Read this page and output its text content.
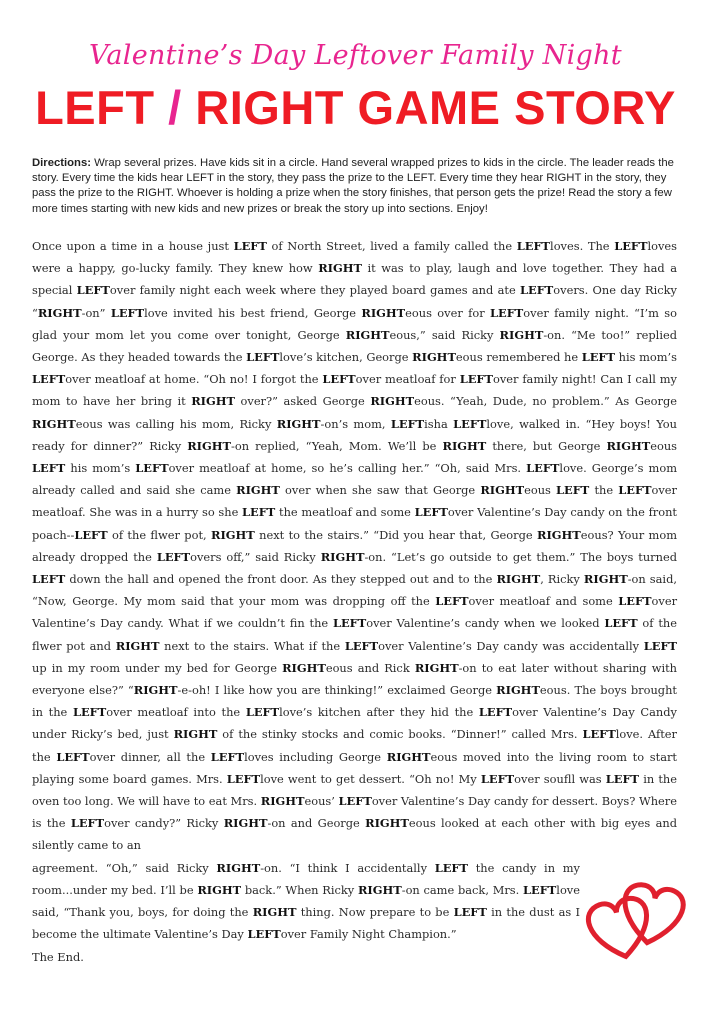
Valentine’s Day Leftover Family Night
LEFT / RIGHT GAME STORY
Directions: Wrap several prizes. Have kids sit in a circle. Hand several wrapped prizes to kids in the circle. The leader reads the story. Every time the kids hear LEFT in the story, they pass the prize to the LEFT. Every time they hear RIGHT in the story, they pass the prize to the RIGHT. Whoever is holding a prize when the story finishes, that person gets the prize! Read the story a few more times starting with new kids and new prizes or break the story up into sections. Enjoy!
Once upon a time in a house just LEFT of North Street, lived a family called the LEFTloves. The LEFTloves were a happy, go-lucky family. They knew how RIGHT it was to play, laugh and love together. They had a special LEFTover family night each week where they played board games and ate LEFTovers. One day Ricky “RIGHT-on” LEFTlove invited his best friend, George RIGHTeous over for LEFTover family night. “I’m so glad your mom let you come over tonight, George RIGHTeous,” said Ricky RIGHT-on. “Me too!” replied George. As they headed towards the LEFTlove’s kitchen, George RIGHTeous remembered he LEFT his mom’s LEFTover meatloaf at home. “Oh no! I forgot the LEFTover meatloaf for LEFTover family night! Can I call my mom to have her bring it RIGHT over?” asked George RIGHTeous. “Yeah, Dude, no problem.” As George RIGHTeous was calling his mom, Ricky RIGHT-on’s mom, LEFTisha LEFTlove, walked in. “Hey boys! You ready for dinner?” Ricky RIGHT-on replied, “Yeah, Mom. We’ll be RIGHT there, but George RIGHTeous LEFT his mom’s LEFTover meatloaf at home, so he’s calling her.” “Oh, said Mrs. LEFTlove. George’s mom already called and said she came RIGHT over when she saw that George RIGHTeous LEFT the LEFTover meatloaf. She was in a hurry so she LEFT the meatloaf and some LEFTover Valentine’s Day candy on the front poach--LEFT of the flwer pot, RIGHT next to the stairs.” “Did you hear that, George RIGHTeous? Your mom already dropped the LEFTovers off,” said Ricky RIGHT-on. “Let’s go outside to get them.” The boys turned LEFT down the hall and opened the front door. As they stepped out and to the RIGHT, Ricky RIGHT-on said, “Now, George. My mom said that your mom was dropping off the LEFTover meatloaf and some LEFTover Valentine’s Day candy. What if we couldn’t fin the LEFTover Valentine’s candy when we looked LEFT of the flwer pot and RIGHT next to the stairs. What if the LEFTover Valentine’s Day candy was accidentally LEFT up in my room under my bed for George RIGHTeous and Rick RIGHT-on to eat later without sharing with everyone else?” “RIGHT-e-oh! I like how you are thinking!” exclaimed George RIGHTeous. The boys brought in the LEFTover meatloaf into the LEFTlove’s kitchen after they hid the LEFTover Valentine’s Day Candy under Ricky’s bed, just RIGHT of the stinky stocks and comic books. “Dinner!” called Mrs. LEFTlove. After the LEFTover dinner, all the LEFTloves including George RIGHTeous moved into the living room to start playing some board games. Mrs. LEFTlove went to get dessert. “Oh no! My LEFTover soufll was LEFT in the oven too long. We will have to eat Mrs. RIGHTeous’ LEFTover Valentine’s Day candy for dessert. Boys? Where is the LEFTover candy?” Ricky RIGHT-on and George RIGHTeous looked at each other with big eyes and silently came to an
agreement. “Oh,” said Ricky RIGHT-on. “I think I accidentally LEFT the candy in my room...under my bed. I’ll be RIGHT back.” When Ricky RIGHT-on came back, Mrs. LEFTlove said, “Thank you, boys, for doing the RIGHT thing. Now prepare to be LEFT in the dust as I become the ultimate Valentine’s Day LEFTover Family Night Champion.”
The End.
